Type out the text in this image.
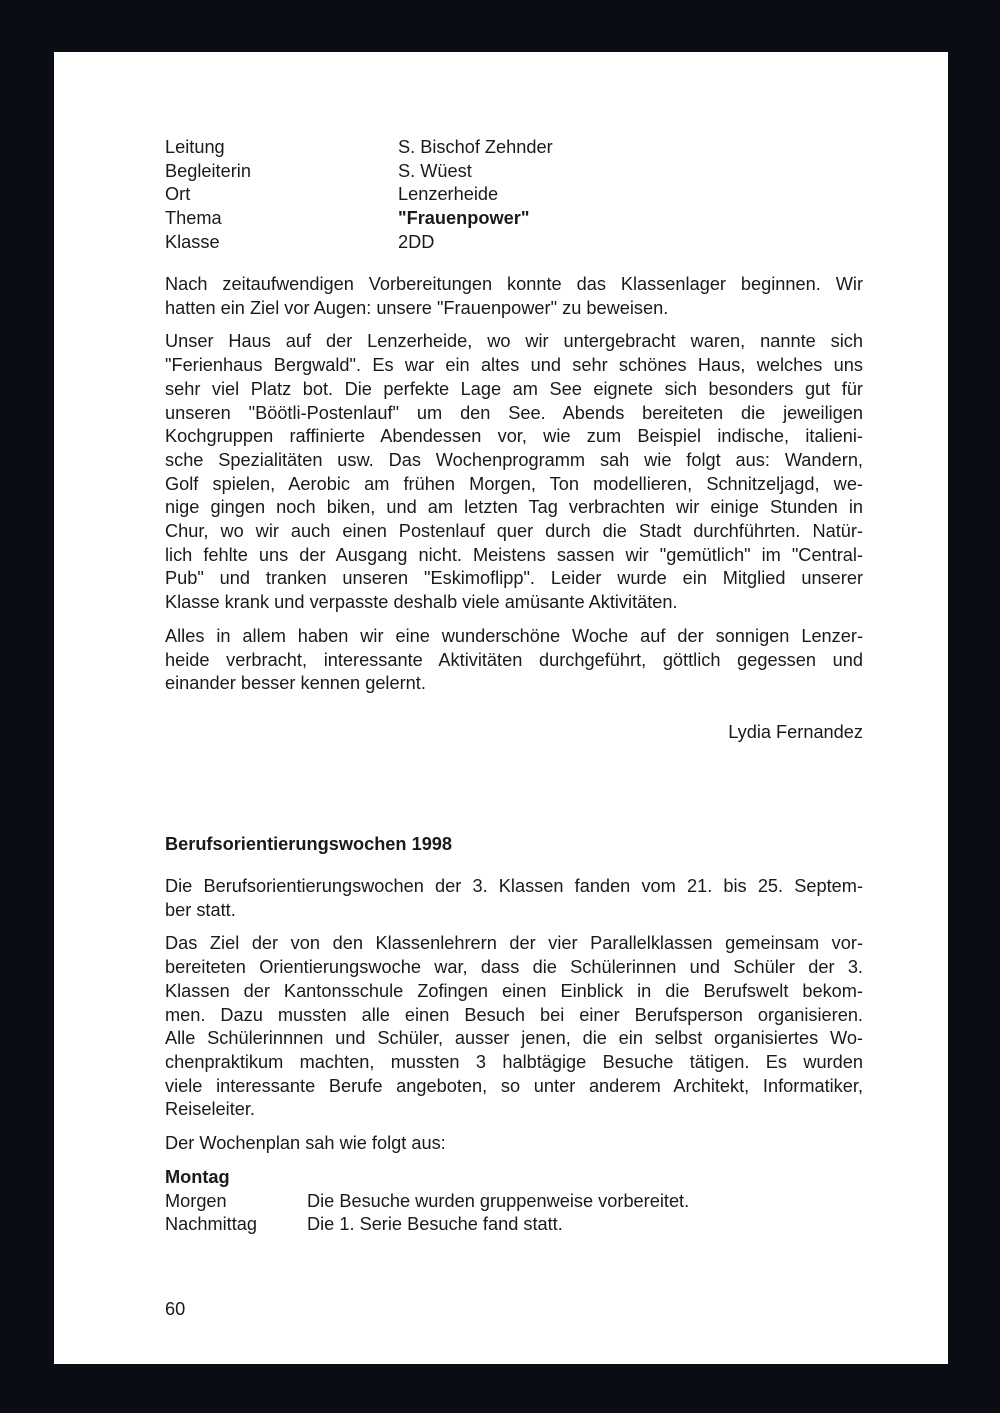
Leitung	S. Bischof Zehnder
Begleiterin	S. Wüest
Ort	Lenzerheide
Thema	"Frauenpower"
Klasse	2DD
Nach zeitaufwendigen Vorbereitungen konnte das Klassenlager beginnen. Wir
hatten ein Ziel vor Augen: unsere "Frauenpower" zu beweisen.
Unser Haus auf der Lenzerheide, wo wir untergebracht waren, nannte sich
"Ferienhaus Bergwald". Es war ein altes und sehr schönes Haus, welches uns
sehr viel Platz bot. Die perfekte Lage am See eignete sich besonders gut für
unseren "Böötli-Postenlauf" um den See. Abends bereiteten die jeweiligen
Kochgruppen raffinierte Abendessen vor, wie zum Beispiel indische, italieni-
sche Spezialitäten usw. Das Wochenprogramm sah wie folgt aus: Wandern,
Golf spielen, Aerobic am frühen Morgen, Ton modellieren, Schnitzeljagd, we-
nige gingen noch biken, und am letzten Tag verbrachten wir einige Stunden in
Chur, wo wir auch einen Postenlauf quer durch die Stadt durchführten. Natür-
lich fehlte uns der Ausgang nicht. Meistens sassen wir "gemütlich" im "Central-
Pub" und tranken unseren "Eskimoflipp". Leider wurde ein Mitglied unserer
Klasse krank und verpasste deshalb viele amüsante Aktivitäten.
Alles in allem haben wir eine wunderschöne Woche auf der sonnigen Lenzer-
heide verbracht, interessante Aktivitäten durchgeführt, göttlich gegessen und
einander besser kennen gelernt.
Lydia Fernandez
Berufsorientierungswochen 1998
Die Berufsorientierungswochen der 3. Klassen fanden vom 21. bis 25. Septem-
ber statt.
Das Ziel der von den Klassenlehrern der vier Parallelklassen gemeinsam vor-
bereiteten Orientierungswoche war, dass die Schülerinnen und Schüler der 3.
Klassen der Kantonsschule Zofingen einen Einblick in die Berufswelt bekom-
men. Dazu mussten alle einen Besuch bei einer Berufsperson organisieren.
Alle Schülerinnnen und Schüler, ausser jenen, die ein selbst organisiertes Wo-
chenpraktikum machten, mussten 3 halbtägige Besuche tätigen. Es wurden
viele interessante Berufe angeboten, so unter anderem Architekt, Informatiker,
Reiseleiter.
Der Wochenplan sah wie folgt aus:
Montag
Morgen	Die Besuche wurden gruppenweise vorbereitet.
Nachmittag	Die 1. Serie Besuche fand statt.
60
